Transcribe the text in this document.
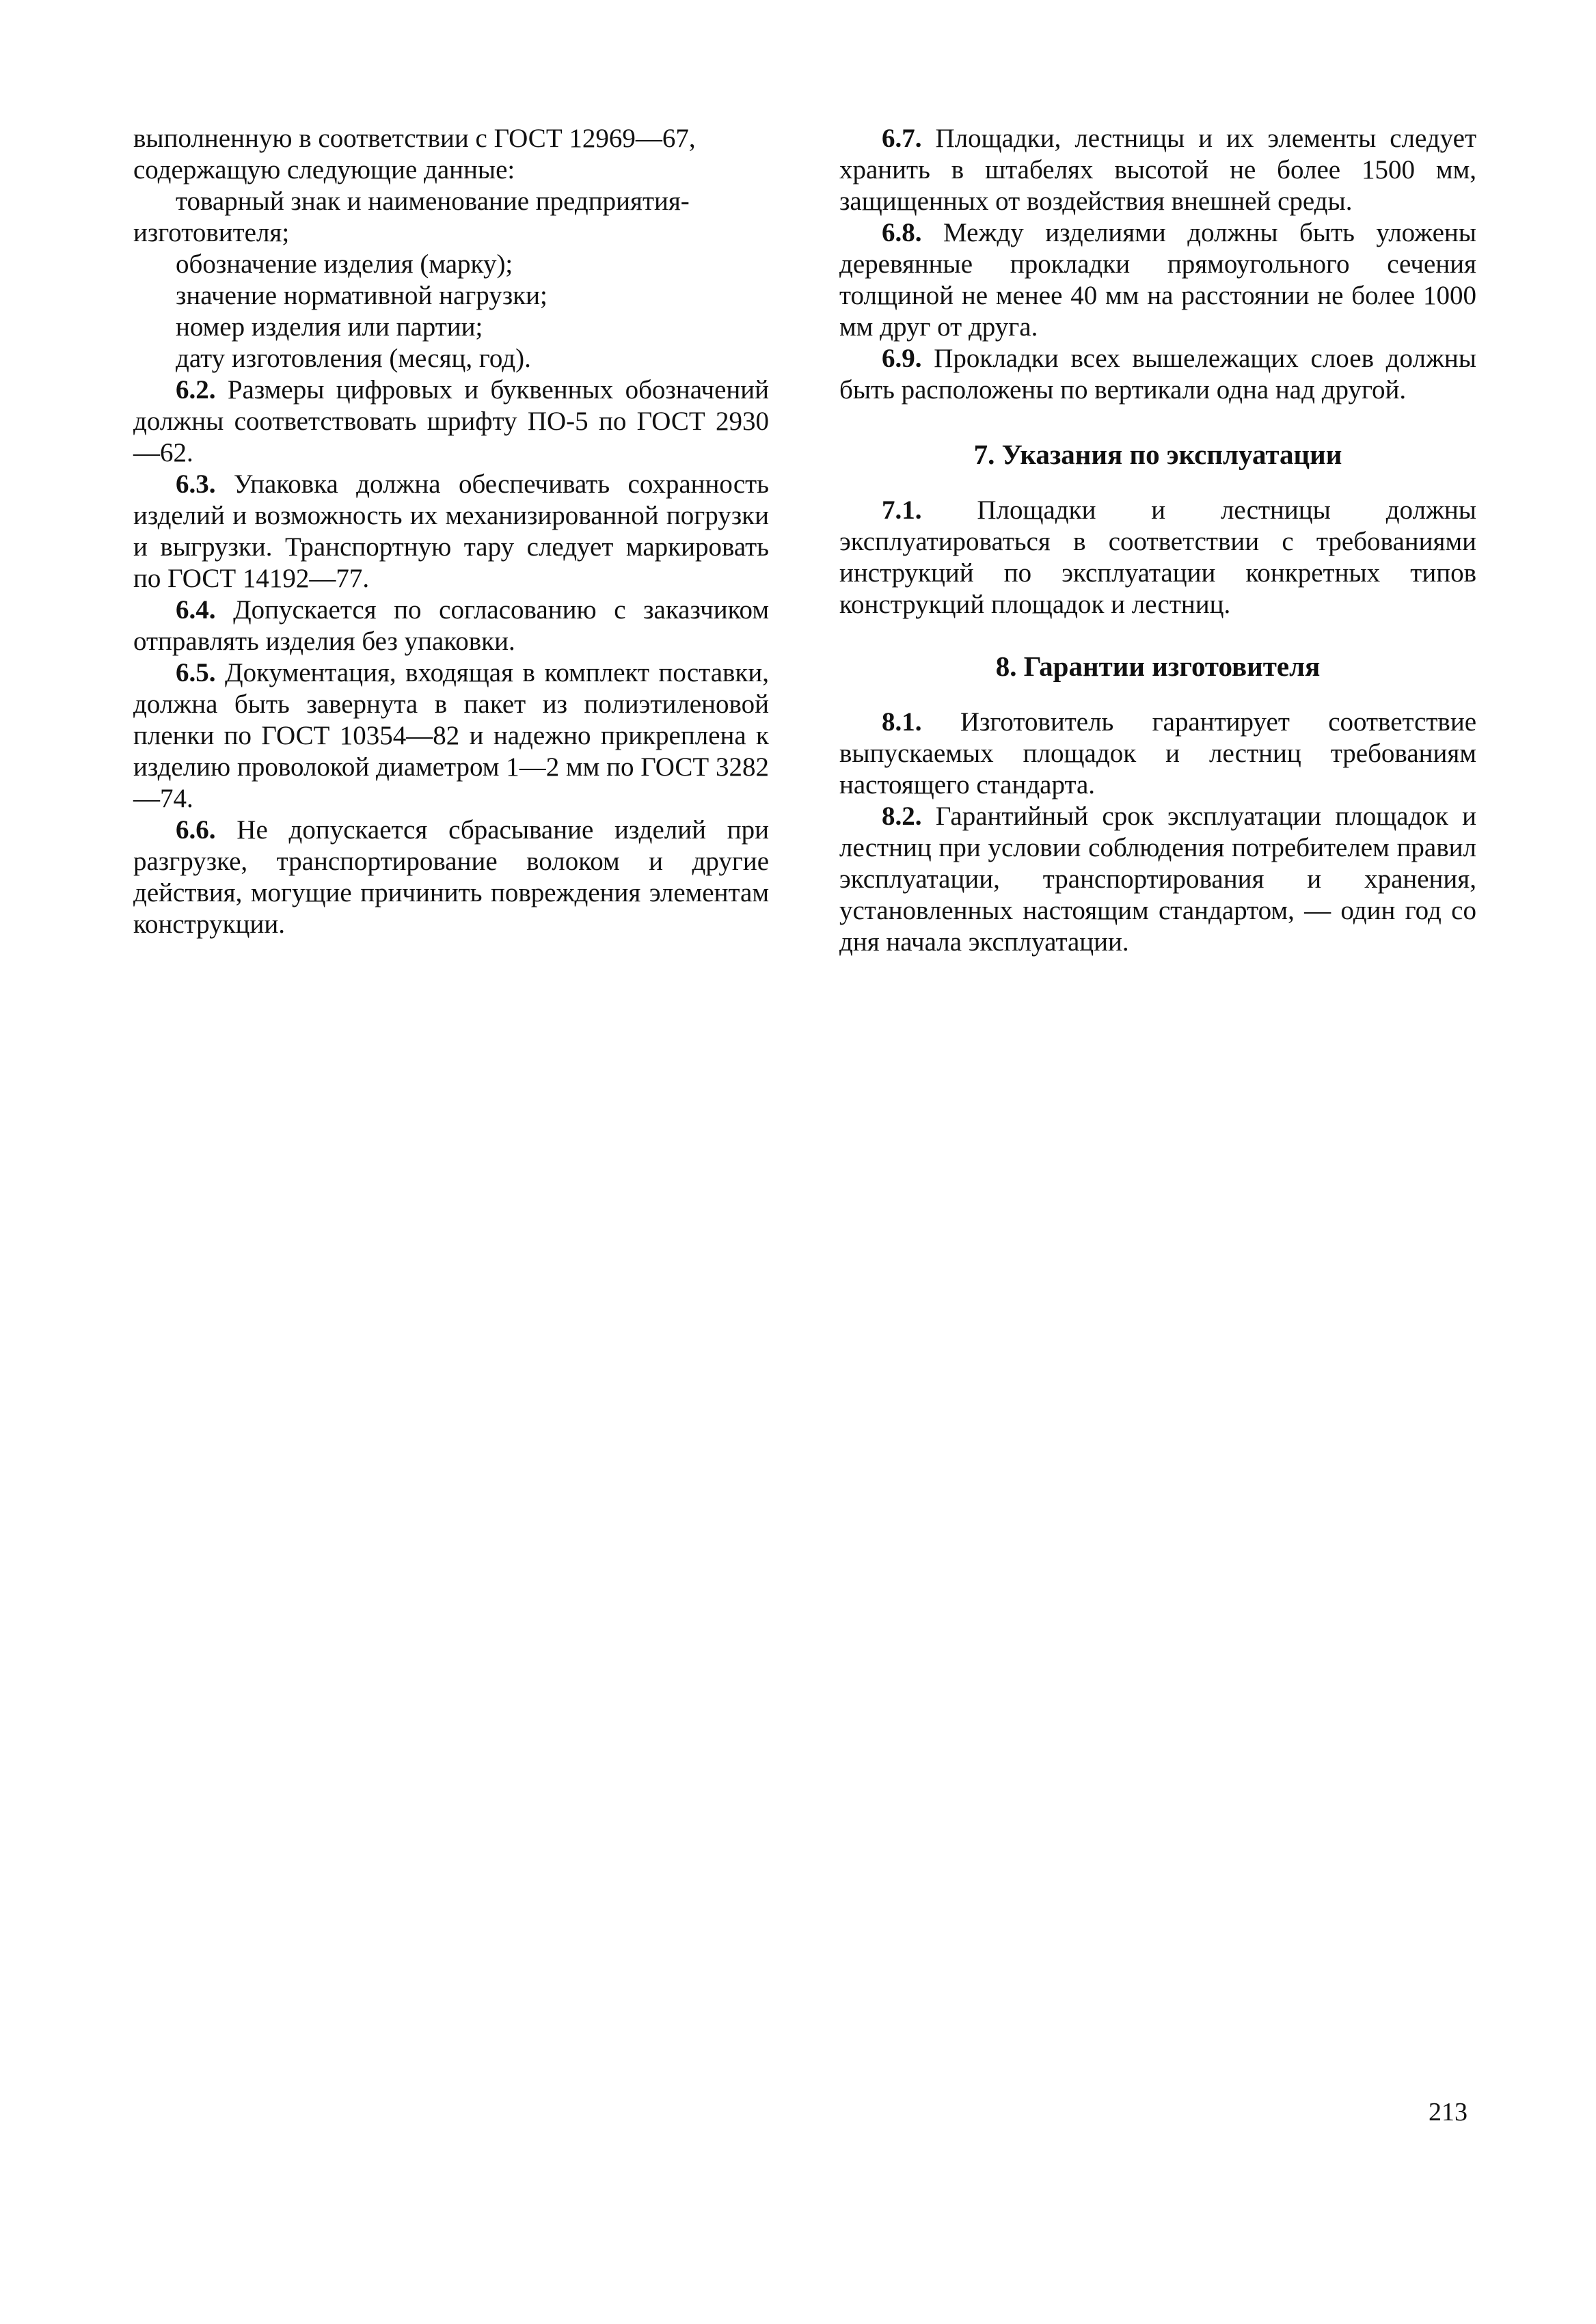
выполненную в соответствии с ГОСТ 12969—67,

содержащую следующие данные:

товарный знак и наименование предприятия-изготовителя;

обозначение изделия (марку);

значение нормативной нагрузки;

номер изделия или партии;

дату изготовления (месяц, год).

6.2. Размеры цифровых и буквенных обозначений должны соответствовать шрифту ПО-5 по ГОСТ 2930—62.

6.3. Упаковка должна обеспечивать сохранность изделий и возможность их механизированной погрузки и выгрузки. Транспортную тару следует маркировать по ГОСТ 14192—77.

6.4. Допускается по согласованию с заказчиком отправлять изделия без упаковки.

6.5. Документация, входящая в комплект поставки, должна быть завернута в пакет из полиэтиленовой пленки по ГОСТ 10354—82 и надежно прикреплена к изделию проволокой диаметром 1—2 мм по ГОСТ 3282—74.

6.6. Не допускается сбрасывание изделий при разгрузке, транспортирование волоком и другие действия, могущие причинить повреждения элементам конструкции.

6.7. Площадки, лестницы и их элементы следует хранить в штабелях высотой не более 1500 мм, защищенных от воздействия внешней среды.

6.8. Между изделиями должны быть уложены деревянные прокладки прямоугольного сечения толщиной не менее 40 мм на расстоянии не более 1000 мм друг от друга.

6.9. Прокладки всех вышележащих слоев должны быть расположены по вертикали одна над другой.

7. Указания по эксплуатации

7.1. Площадки и лестницы должны эксплуатироваться в соответствии с требованиями инструкций по эксплуатации конкретных типов конструкций площадок и лестниц.

8. Гарантии изготовителя

8.1. Изготовитель гарантирует соответствие выпускаемых площадок и лестниц требованиям настоящего стандарта.

8.2. Гарантийный срок эксплуатации площадок и лестниц при условии соблюдения потребителем правил эксплуатации, транспортирования и хранения, установленных настоящим стандартом, — один год со дня начала эксплуатации.

213
